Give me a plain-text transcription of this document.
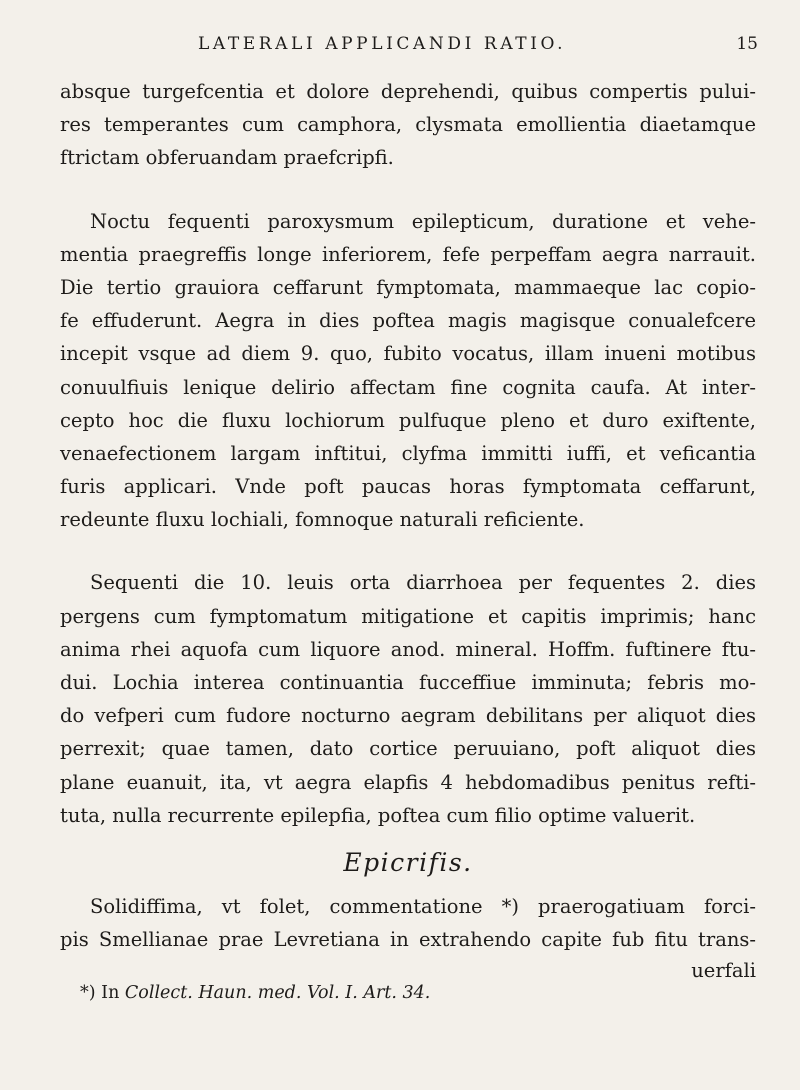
LATERALI APPLICANDI RATIO.	15
absque turgefcentia et dolore deprehendi, quibus compertis pului-
res temperantes cum camphora, clysmata emollientia diaetamque
ftrictam obferuandam praefcripfi.
Noctu fequenti paroxysmum epilepticum, duratione et vehe-
mentia praegreffis longe inferiorem, fefe perpeffam aegra narrauit.
Die tertio grauiora ceffarunt fymptomata, mammaeque lac copio-
fe effuderunt. Aegra in dies poftea magis magisque conualefcere
incepit vsque ad diem 9. quo, fubito vocatus, illam inueni motibus
conuulfiuis lenique delirio affectam fine cognita caufa. At inter-
cepto hoc die fluxu lochiorum pulfuque pleno et duro exiftente,
venaefectionem largam inftitui, clyfma immitti iuffi, et veficantia
furis applicari. Vnde poft paucas horas fymptomata ceffarunt,
redeunte fluxu lochiali, fomnoque naturali reficiente.
Sequenti die 10. leuis orta diarrhoea per fequentes 2. dies
pergens cum fymptomatum mitigatione et capitis imprimis; hanc
anima rhei aquofa cum liquore anod. mineral. Hoffm. fuftinere ftu-
dui. Lochia interea continuantia fucceffiue imminuta; febris mo-
do vefperi cum fudore nocturno aegram debilitans per aliquot dies
perrexit; quae tamen, dato cortice peruuiano, poft aliquot dies
plane euanuit, ita, vt aegra elapfis 4 hebdomadibus penitus refti-
tuta, nulla recurrente epilepfia, poftea cum filio optime valuerit.
Epicrifis.
Solidiffima, vt folet, commentatione *) praerogatiuam forci-
pis Smellianae prae Levretiana in extrahendo capite fub fitu trans-
uerfali
*) In Collect. Haun. med. Vol. I. Art. 34.
